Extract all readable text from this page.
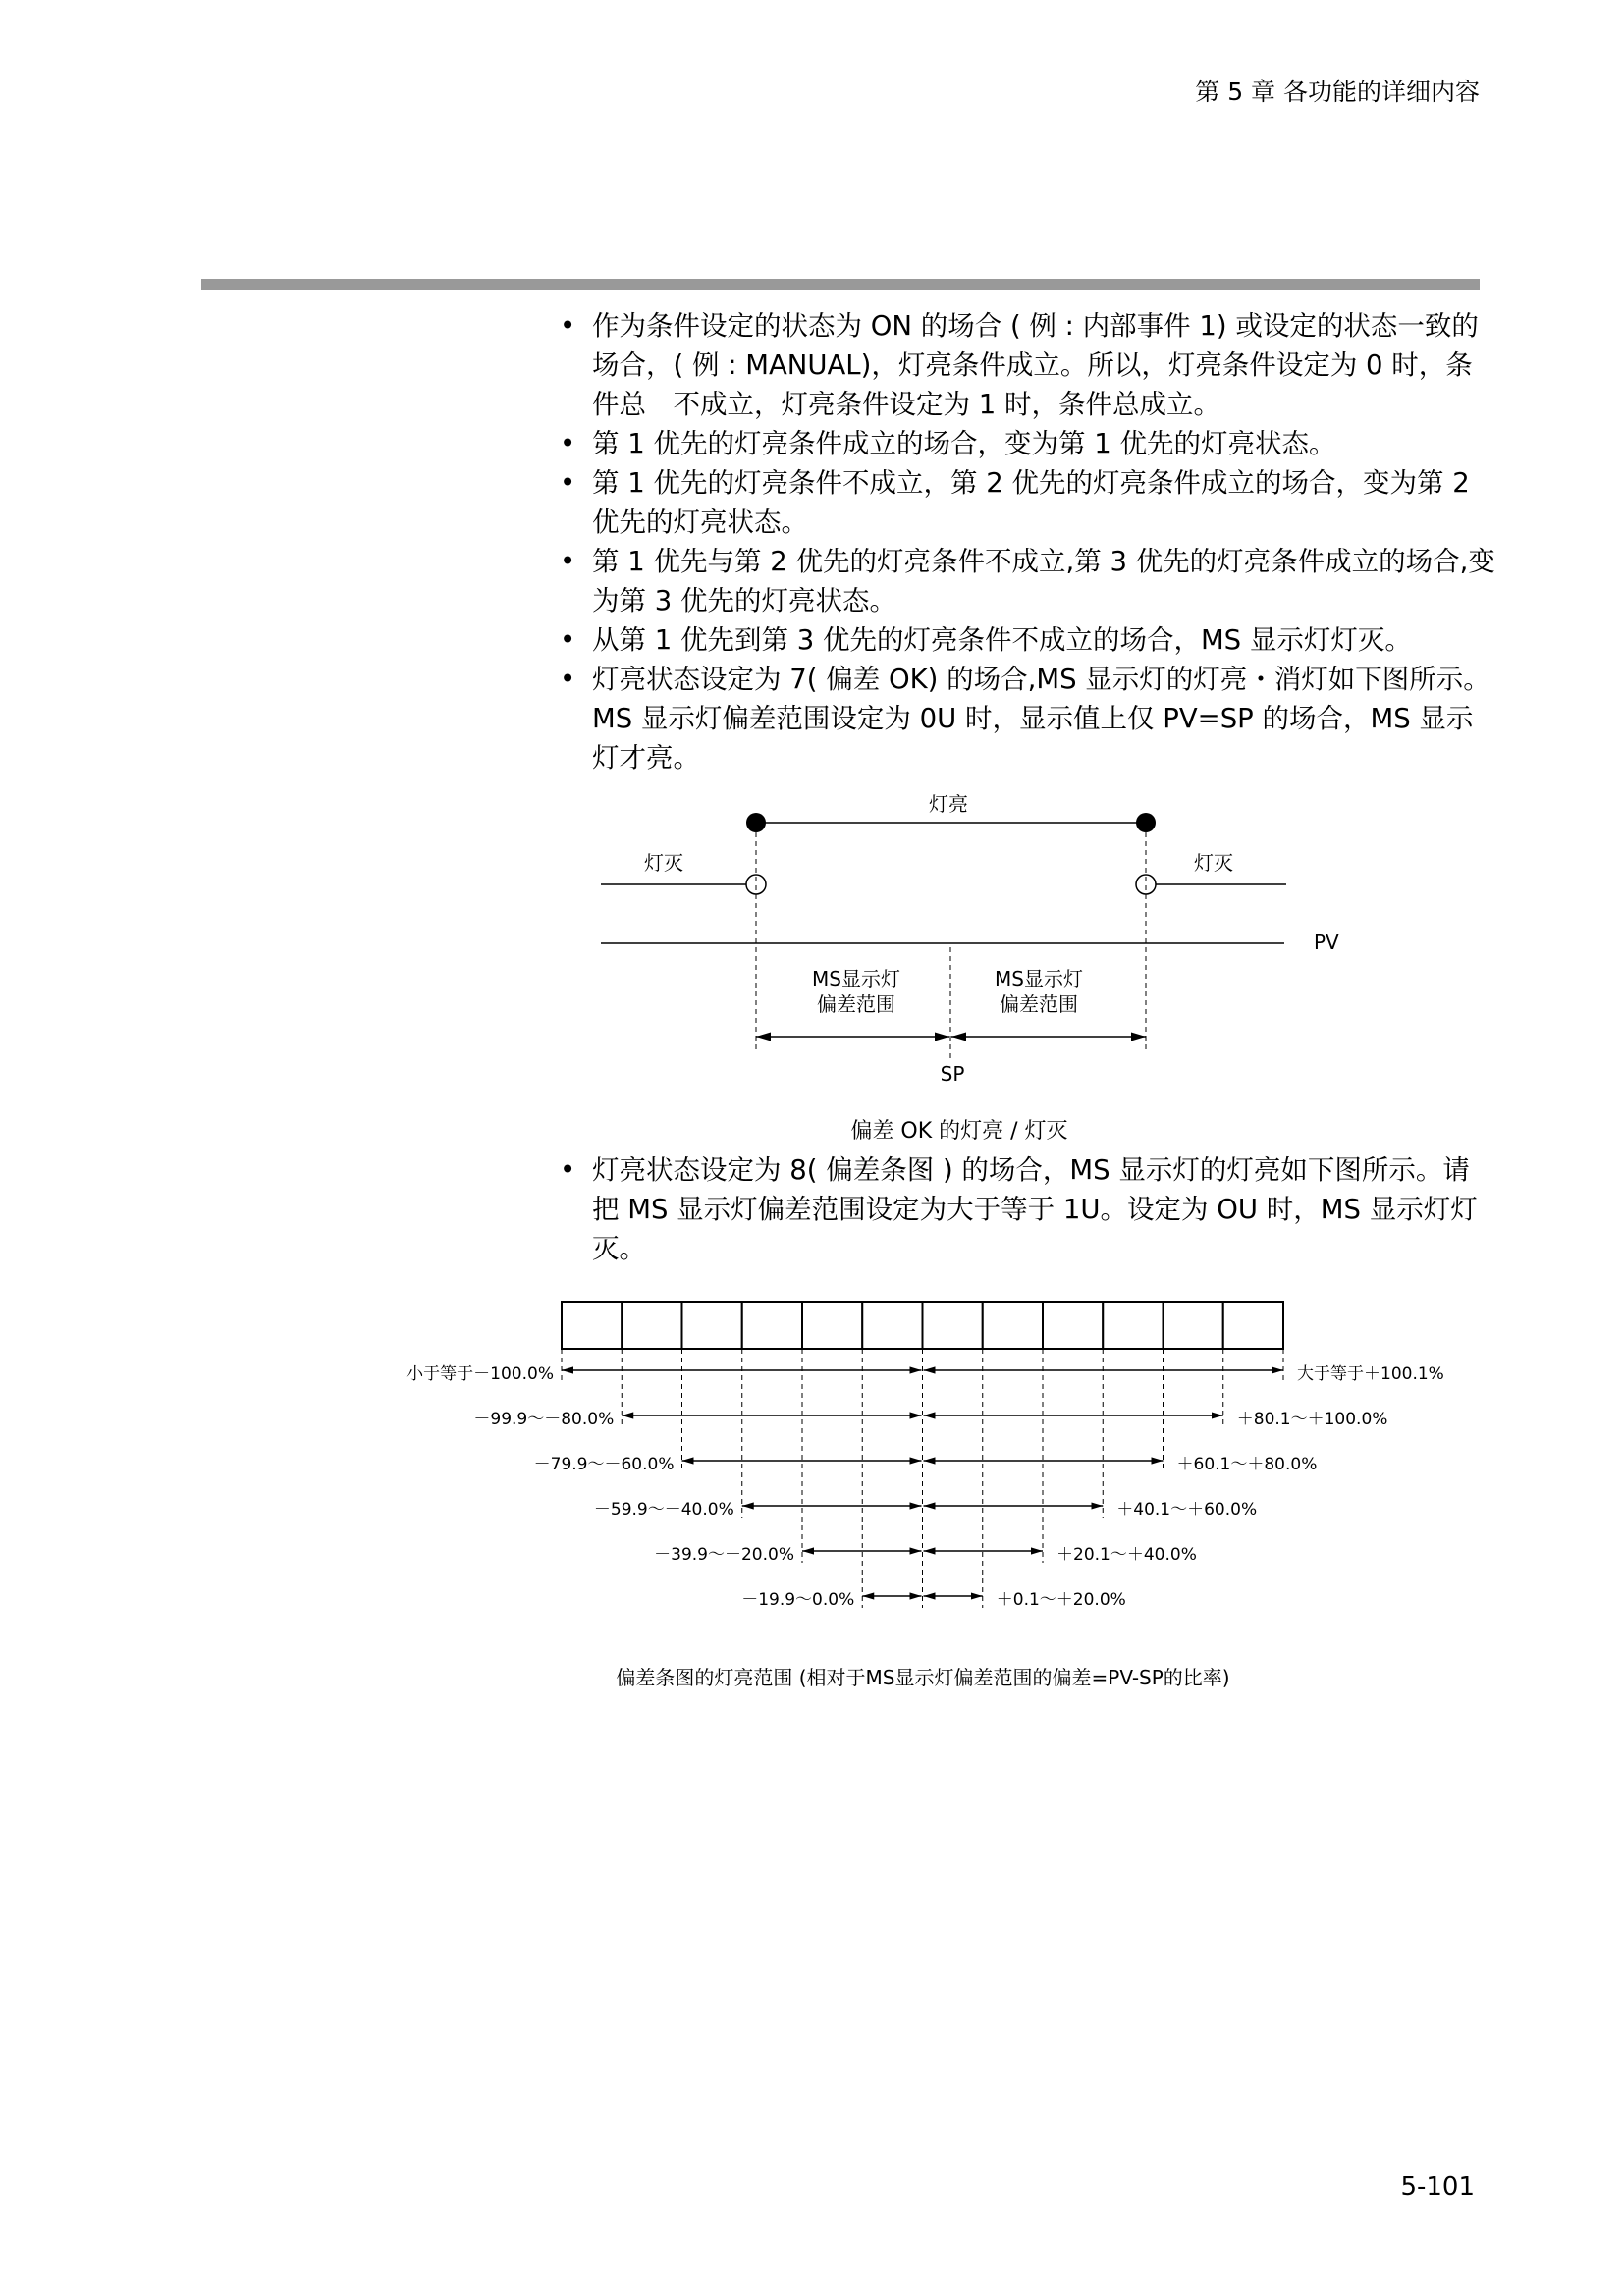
第 5 章 各功能的详细内容
• 作为条件设定的状态为 ON 的场合 ( 例 : 内部事件 1) 或设定的状态一致的场合，( 例 : MANUAL)，灯亮条件成立。所以，灯亮条件设定为 0 时，条件总　不成立，灯亮条件设定为 1 时，条件总成立。
• 第 1 优先的灯亮条件成立的场合，变为第 1 优先的灯亮状态。
• 第 1 优先的灯亮条件不成立，第 2 优先的灯亮条件成立的场合，变为第 2 优先的灯亮状态。
• 第 1 优先与第 2 优先的灯亮条件不成立,第 3 优先的灯亮条件成立的场合,变为第 3 优先的灯亮状态。
• 从第 1 优先到第 3 优先的灯亮条件不成立的场合，MS 显示灯灯灭。
• 灯亮状态设定为 7( 偏差 OK) 的场合,MS 显示灯的灯亮・消灯如下图所示。MS 显示灯偏差范围设定为 0U 时，显示值上仅 PV=SP 的场合，MS 显示灯才亮。
灯亮
灯灭	灯灭
PV
MS显示灯
偏差范围
MS显示灯
偏差范围
SP
偏差 OK 的灯亮 / 灯灭
• 灯亮状态设定为 8( 偏差条图 ) 的场合，MS 显示灯的灯亮如下图所示。请把 MS 显示灯偏差范围设定为大于等于 1U。设定为 OU 时，MS 显示灯灯灭。
小于等于－100.0%	大于等于＋100.1%
－99.9～－80.0%	＋80.1～＋100.0%
－79.9～－60.0%	＋60.1～＋80.0%
－59.9～－40.0%	＋40.1～＋60.0%
－39.9～－20.0%	＋20.1～＋40.0%
－19.9～0.0%	＋0.1～＋20.0%
偏差条图的灯亮范围 (相对于MS显示灯偏差范围的偏差=PV-SP的比率)
5-101
